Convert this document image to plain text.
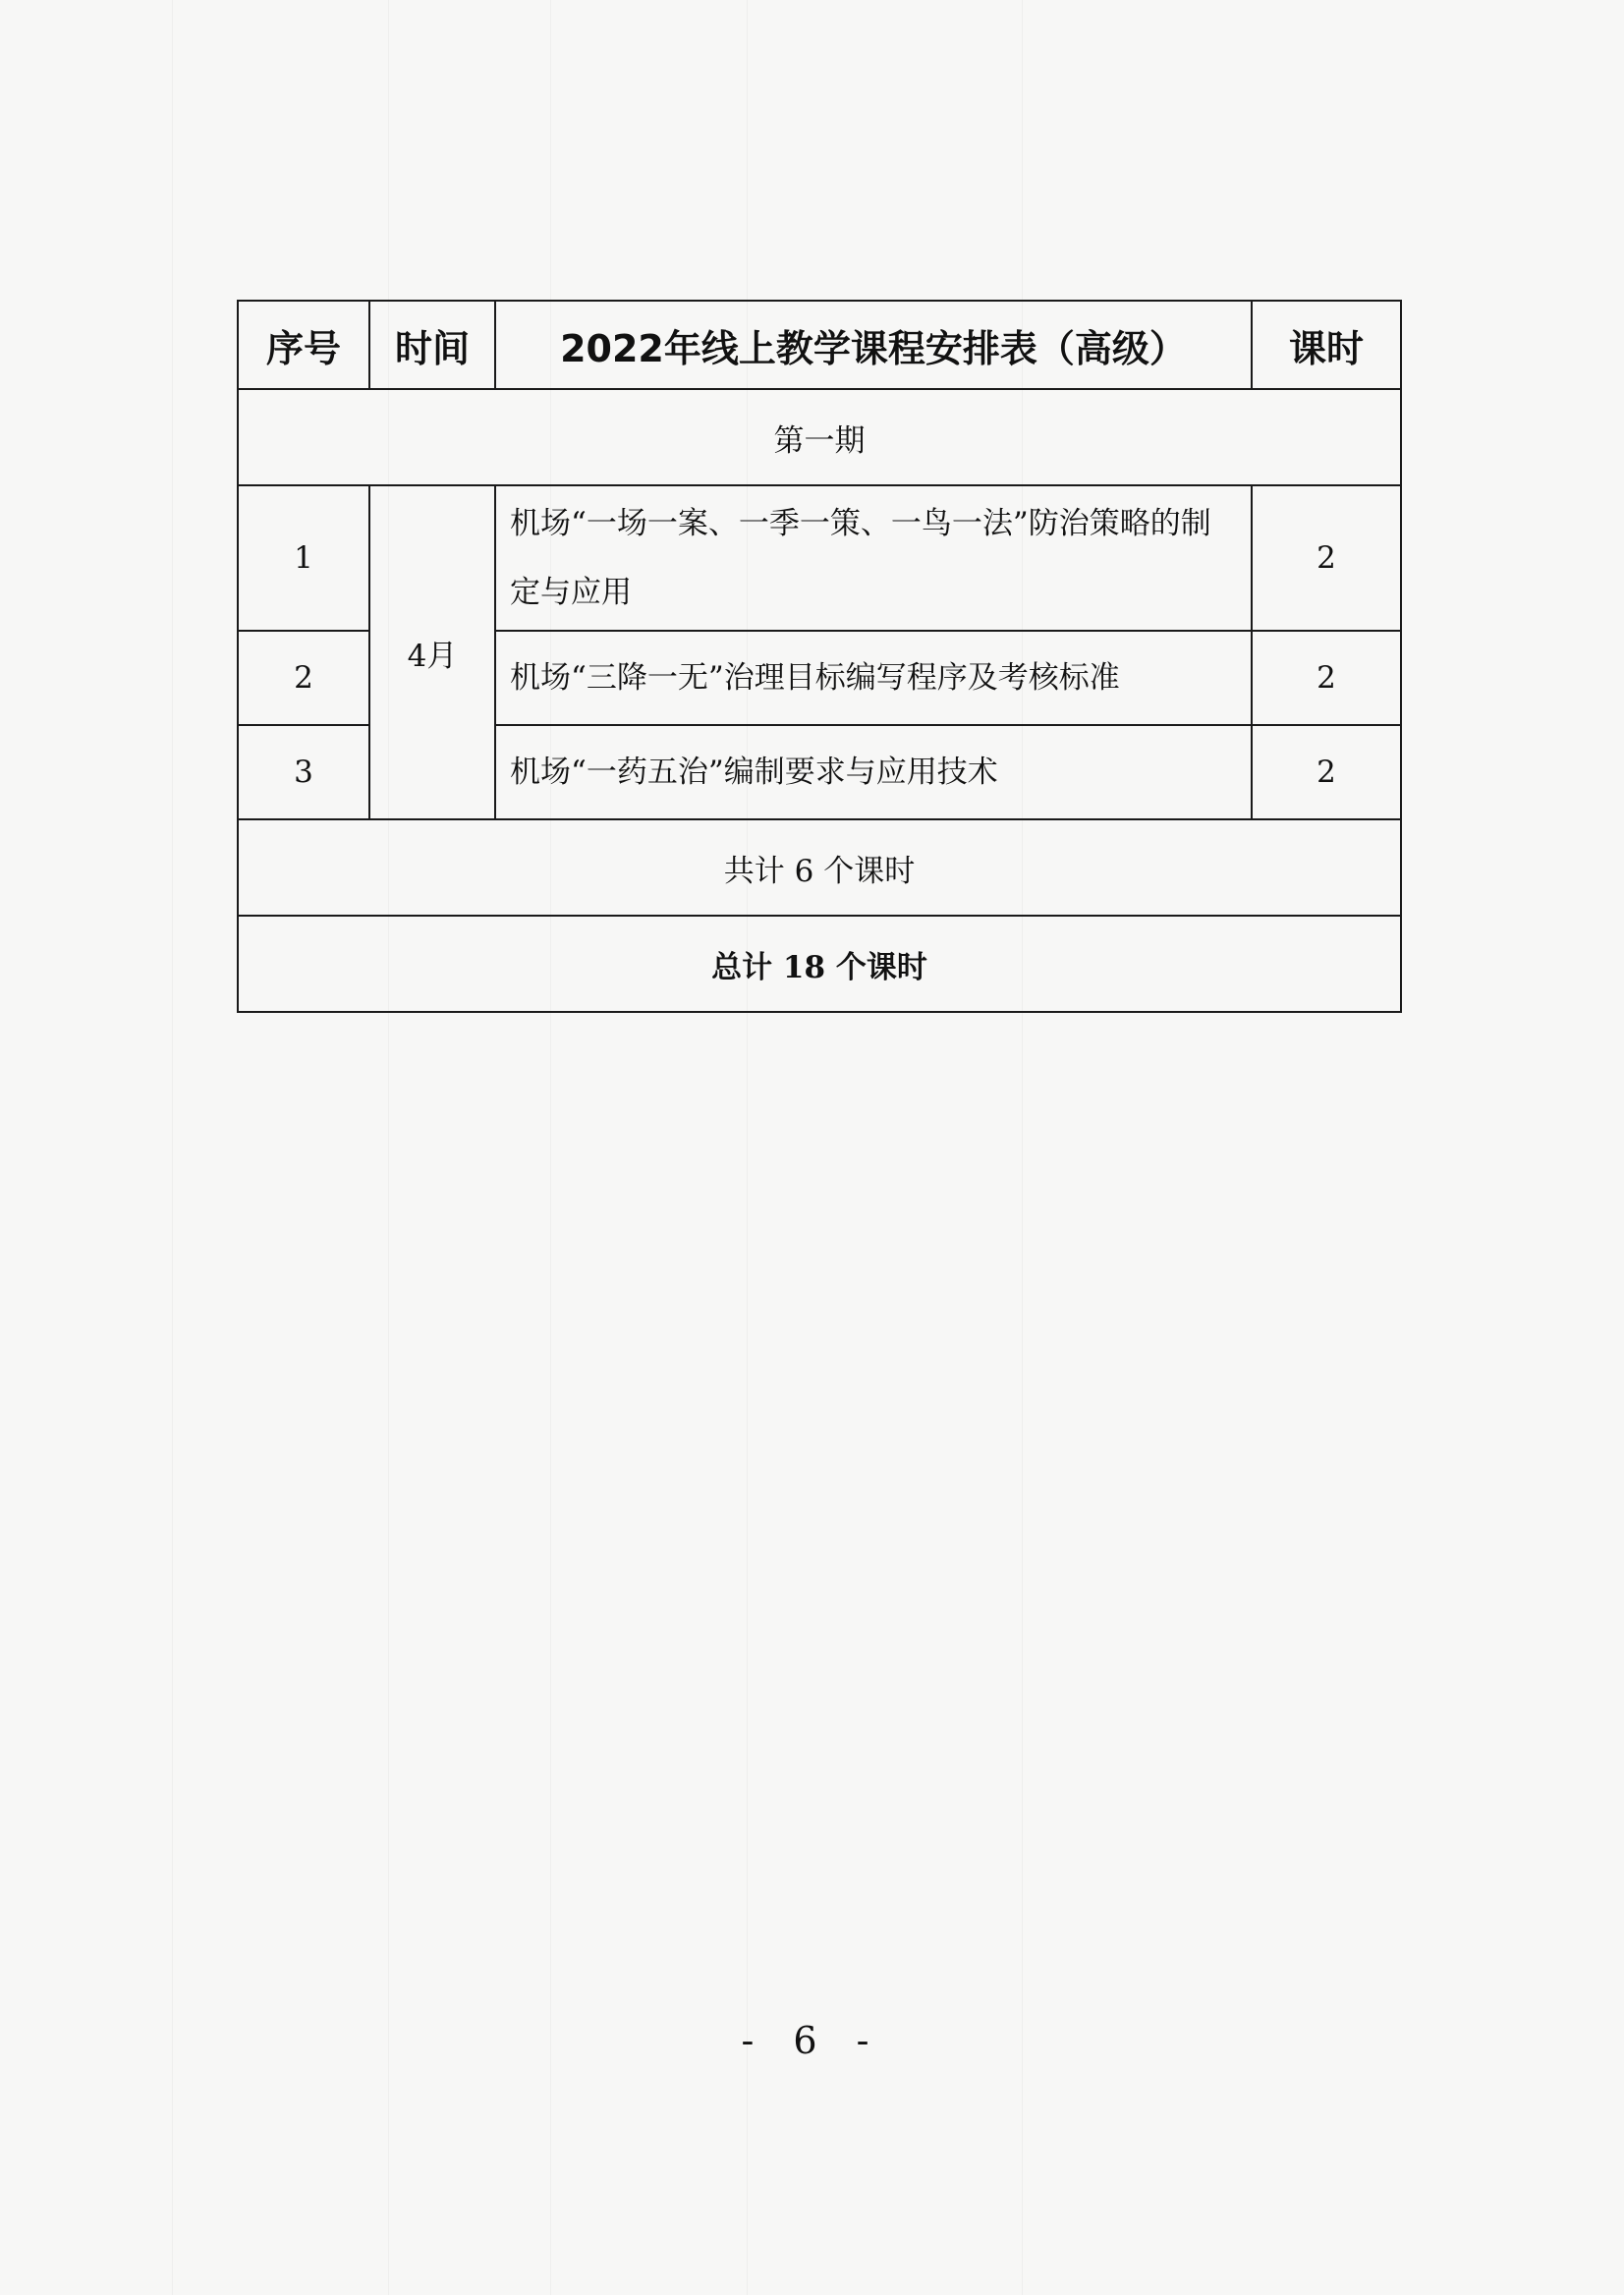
序号	时间	2022年线上教学课程安排表（高级）	课时
第一期			
1	4月	机场“一场一案、一季一策、一鸟一法”防治策略的制定与应用	2
2		机场“三降一无”治理目标编写程序及考核标准	2
3		机场“一药五治”编制要求与应用技术	2
共计 6 个课时			
总计 18 个课时			
- 6 -
